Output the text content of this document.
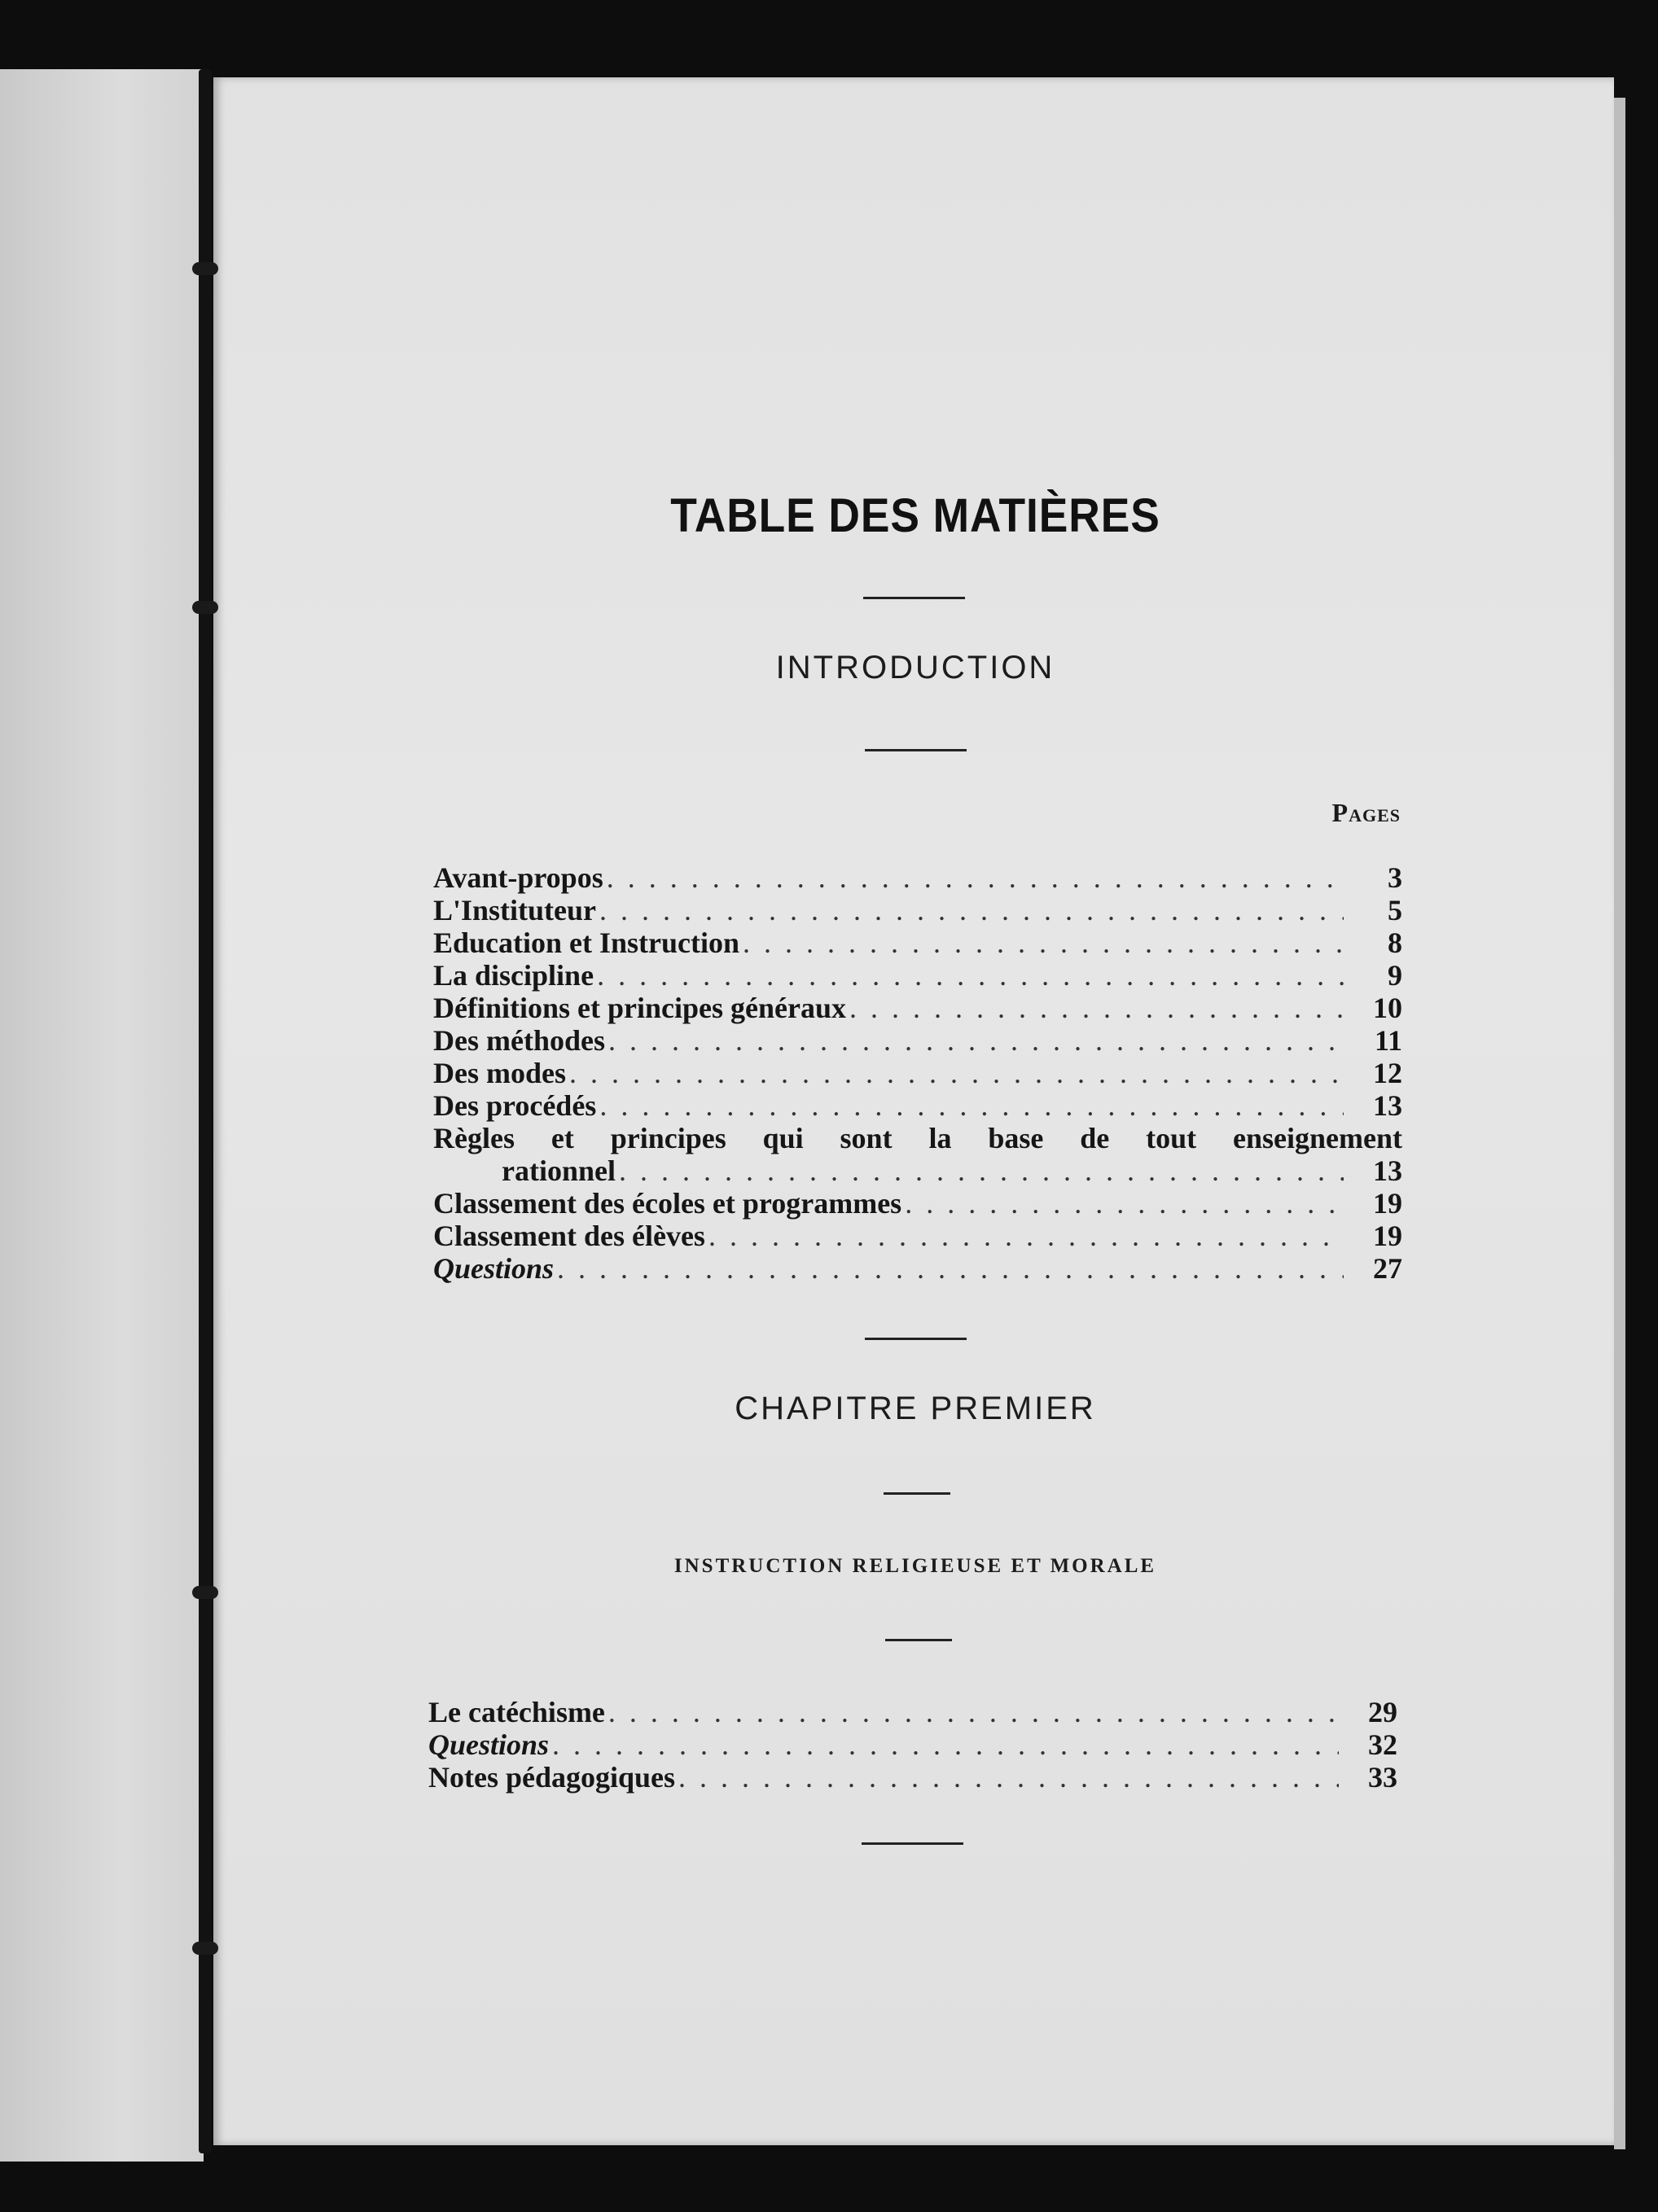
TABLE DES MATIÈRES
INTRODUCTION
Pages
Avant-propos . . .	3
L'Instituteur . . .	5
Education et Instruction . . .	8
La discipline . . .	9
Définitions et principes généraux . . .	10
Des méthodes . . .	11
Des modes . . .	12
Des procédés . . .	13
Règles et principes qui sont la base de tout enseignement
rationnel . . .	13
Classement des écoles et programmes . . .	19
Classement des élèves . . .	19
Questions . . .	27
CHAPITRE PREMIER
INSTRUCTION RELIGIEUSE ET MORALE
Le catéchisme . . .	29
Questions . . .	32
Notes pédagogiques . . .	33
